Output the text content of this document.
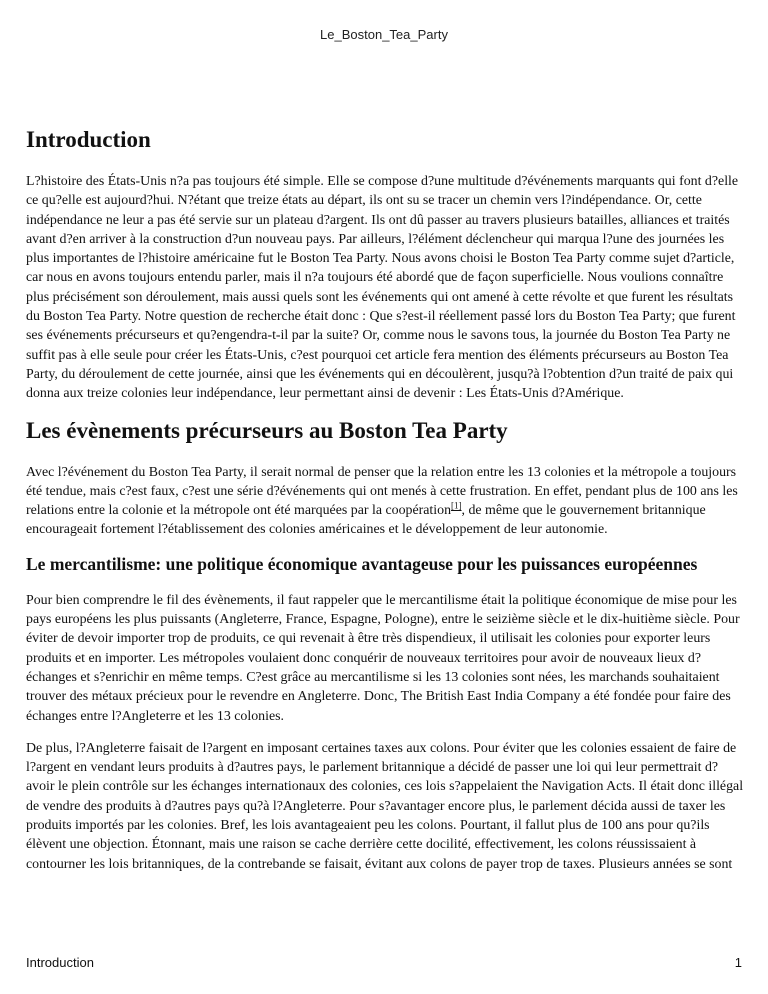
Le_Boston_Tea_Party
Introduction

L?histoire des États-Unis n?a pas toujours été simple. Elle se compose d?une multitude d?événements marquants qui font d?elle ce qu?elle est aujourd?hui. N?étant que treize états au départ, ils ont su se tracer un chemin vers l?indépendance. Or, cette indépendance ne leur a pas été servie sur un plateau d?argent. Ils ont dû passer au travers plusieurs batailles, alliances et traités avant d?en arriver à la construction d?un nouveau pays. Par ailleurs, l?élément déclencheur qui marqua l?une des journées les plus importantes de l?histoire américaine fut le Boston Tea Party. Nous avons choisi le Boston Tea Party comme sujet d?article, car nous en avons toujours entendu parler, mais il n?a toujours été abordé que de façon superficielle. Nous voulions connaître plus précisément son déroulement, mais aussi quels sont les événements qui ont amené à cette révolte et que furent les résultats du Boston Tea Party. Notre question de recherche était donc : Que s?est-il réellement passé lors du Boston Tea Party; que furent ses événements précurseurs et qu?engendra-t-il par la suite? Or, comme nous le savons tous, la journée du Boston Tea Party ne suffit pas à elle seule pour créer les États-Unis, c?est pourquoi cet article fera mention des éléments précurseurs au Boston Tea Party, du déroulement de cette journée, ainsi que les événements qui en découlèrent, jusqu?à l?obtention d?un traité de paix qui donna aux treize colonies leur indépendance, leur permettant ainsi de devenir : Les États-Unis d?Amérique.

Les évènements précurseurs au Boston Tea Party

Avec l?événement du Boston Tea Party, il serait normal de penser que la relation entre les 13 colonies et la métropole a toujours été tendue, mais c?est faux, c?est une série d?événements qui ont menés à cette frustration. En effet, pendant plus de 100 ans les relations entre la colonie et la métropole ont été marquées par la coopération[1], de même que le gouvernement britannique encourageait fortement l?établissement des colonies américaines et le développement de leur autonomie.

Le mercantilisme: une politique économique avantageuse pour les puissances européennes

Pour bien comprendre le fil des évènements, il faut rappeler que le mercantilisme était la politique économique de mise pour les pays européens les plus puissants (Angleterre, France, Espagne, Pologne), entre le seizième siècle et le dix-huitième siècle. Pour éviter de devoir importer trop de produits, ce qui revenait à être très dispendieux, il utilisait les colonies pour exporter leurs produits et en importer. Les métropoles voulaient donc conquérir de nouveaux territoires pour avoir de nouveaux lieux d?échanges et s?enrichir en même temps. C?est grâce au mercantilisme si les 13 colonies sont nées, les marchands souhaitaient trouver des métaux précieux pour le revendre en Angleterre. Donc, The British East India Company a été fondée pour faire des échanges entre l?Angleterre et les 13 colonies.

De plus, l?Angleterre faisait de l?argent en imposant certaines taxes aux colons. Pour éviter que les colonies essaient de faire de l?argent en vendant leurs produits à d?autres pays, le parlement britannique a décidé de passer une loi qui leur permettrait d?avoir le plein contrôle sur les échanges internationaux des colonies, ces lois s?appelaient the Navigation Acts. Il était donc illégal de vendre des produits à d?autres pays qu?à l?Angleterre. Pour s?avantager encore plus, le parlement décida aussi de taxer les produits importés par les colonies. Bref, les lois avantageaient peu les colons. Pourtant, il fallut plus de 100 ans pour qu?ils élèvent une objection. Étonnant, mais une raison se cache derrière cette docilité, effectivement, les colons réussissaient à contourner les lois britanniques, de la contrebande se faisait, évitant aux colons de payer trop de taxes. Plusieurs années se sont

Introduction	1
